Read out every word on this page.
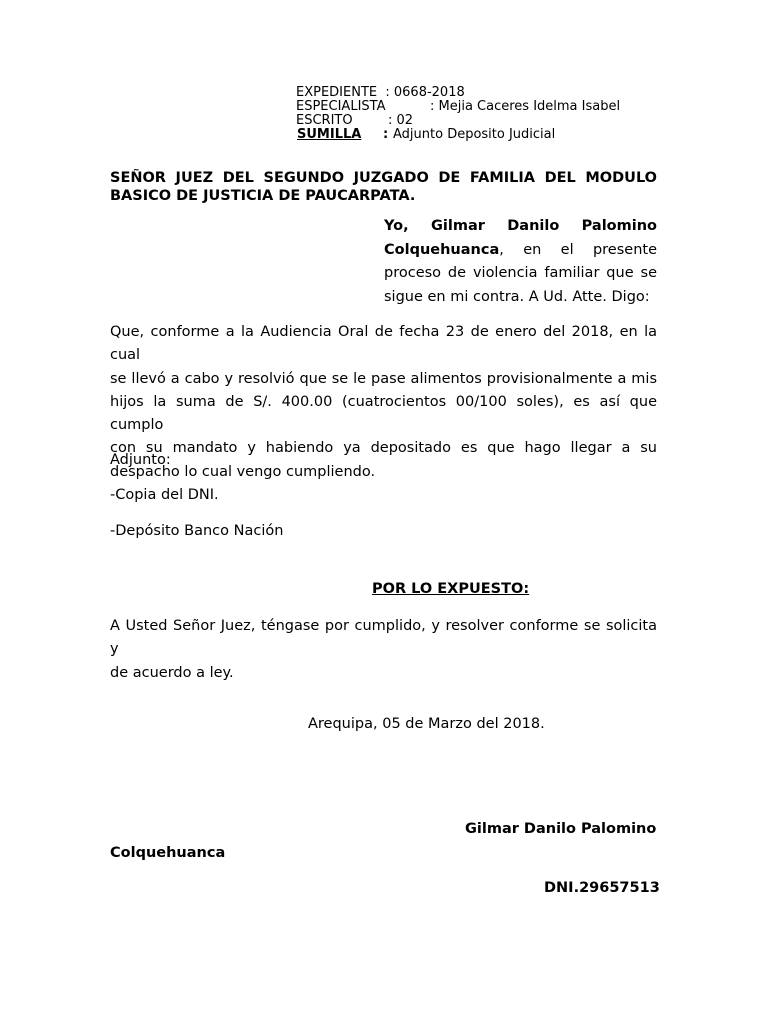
EXPEDIENTE  : 0668-2018
ESPECIALISTA	: Mejia Caceres Idelma Isabel
ESCRITO	: 02
SUMILLA : Adjunto Deposito Judicial
SEÑOR JUEZ DEL SEGUNDO JUZGADO DE FAMILIA DEL MODULO
BASICO DE JUSTICIA DE PAUCARPATA.
Yo, Gilmar Danilo Palomino
Colquehuanca, en el presente
proceso de violencia familiar que se
sigue en mi contra. A Ud. Atte. Digo:
Que, conforme a la Audiencia Oral de fecha 23 de enero del 2018, en la cual
se llevó a cabo y resolvió que se le pase alimentos provisionalmente a mis
hijos la suma de S/. 400.00 (cuatrocientos 00/100 soles), es así que cumplo
con su mandato y habiendo ya depositado es que hago llegar a su
despacho lo cual vengo cumpliendo.
Adjunto:
-Copia del DNI.
-Depósito Banco Nación
POR LO EXPUESTO:
A Usted Señor Juez, téngase por cumplido, y resolver conforme se solicita y
de acuerdo a ley.
Arequipa, 05 de Marzo del 2018.
Gilmar Danilo Palomino
Colquehuanca
DNI.29657513
